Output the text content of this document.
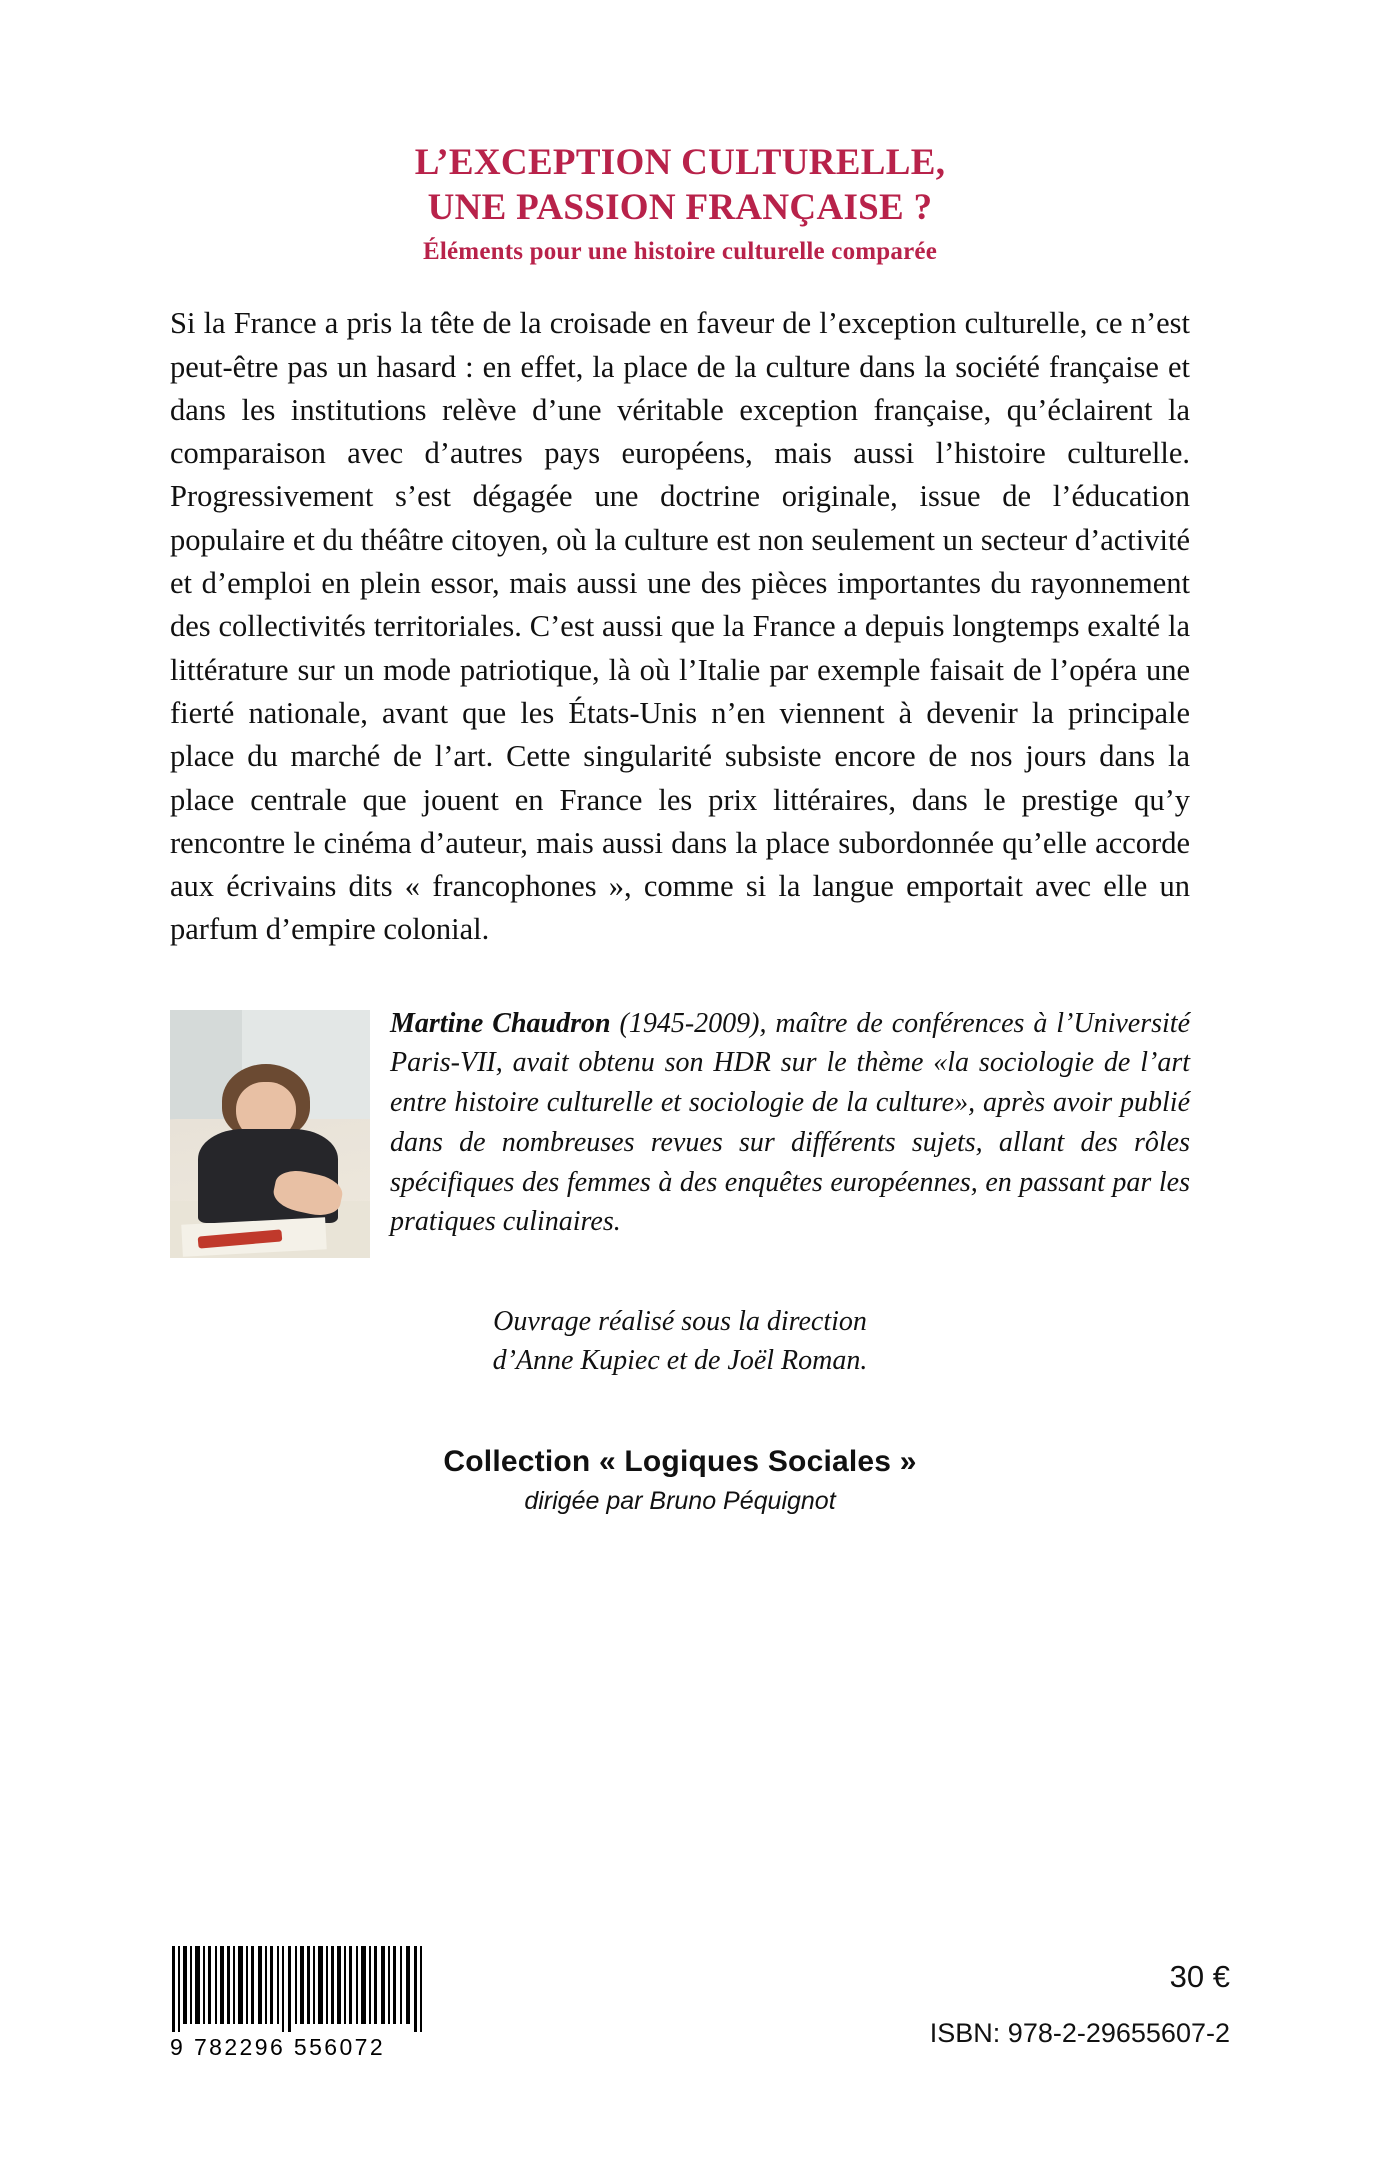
L’EXCEPTION CULTURELLE,
UNE PASSION FRANÇAISE ?
Éléments pour une histoire culturelle comparée
Si la France a pris la tête de la croisade en faveur de l’exception culturelle, ce n’est peut-être pas un hasard : en effet, la place de la culture dans la société française et dans les institutions relève d’une véritable exception française, qu’éclairent la comparaison avec d’autres pays européens, mais aussi l’histoire culturelle. Progressivement s’est dégagée une doctrine originale, issue de l’éducation populaire et du théâtre citoyen, où la culture est non seulement un secteur d’activité et d’emploi en plein essor, mais aussi une des pièces importantes du rayonnement des collectivités territoriales. C’est aussi que la France a depuis longtemps exalté la littérature sur un mode patriotique, là où l’Italie par exemple faisait de l’opéra une fierté nationale, avant que les États-Unis n’en viennent à devenir la principale place du marché de l’art. Cette singularité subsiste encore de nos jours dans la place centrale que jouent en France les prix littéraires, dans le prestige qu’y rencontre le cinéma d’auteur, mais aussi dans la place subordonnée qu’elle accorde aux écrivains dits « francophones », comme si la langue emportait avec elle un parfum d’empire colonial.
Martine Chaudron (1945-2009), maître de conférences à l’Université Paris-VII, avait obtenu son HDR sur le thème «la sociologie de l’art entre histoire culturelle et sociologie de la culture», après avoir publié dans de nombreuses revues sur différents sujets, allant des rôles spécifiques des femmes à des enquêtes européennes, en passant par les pratiques culinaires.
Ouvrage réalisé sous la direction
d’Anne Kupiec et de Joël Roman.
Collection « Logiques Sociales »
dirigée par Bruno Péquignot
9 782296 556072
30 €
ISBN: 978-2-29655607-2
